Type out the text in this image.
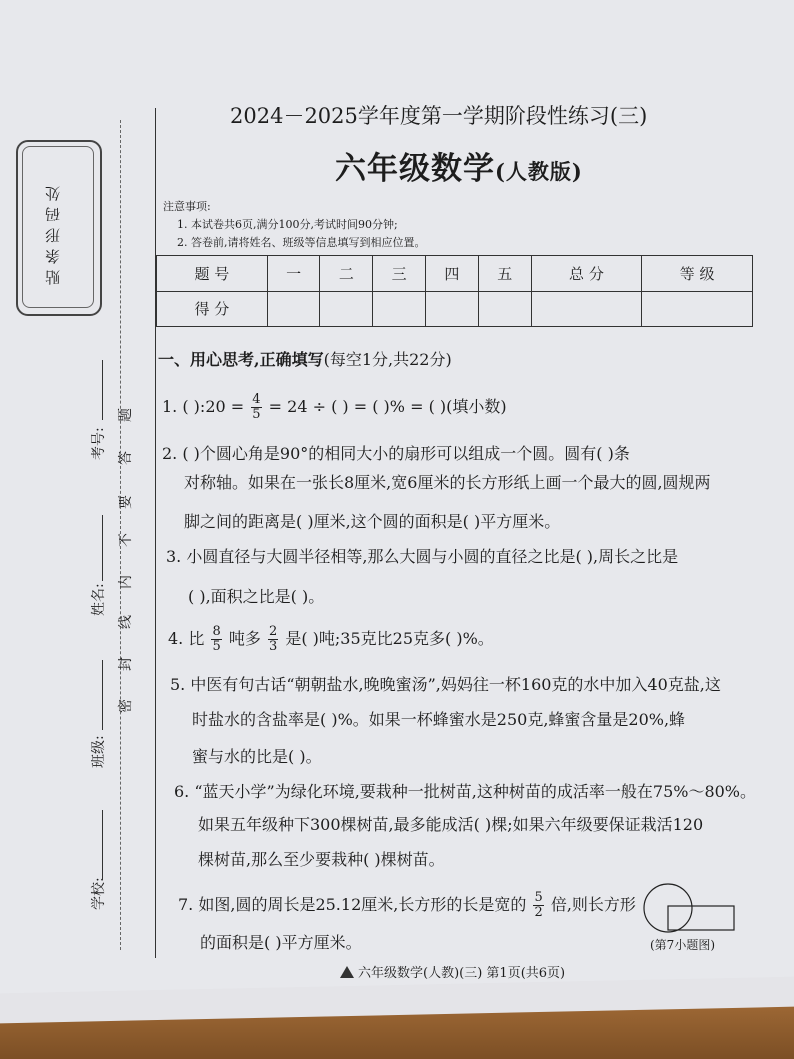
贴条形码处
题
答
要
不
内
线
封
密
考号:
姓名:
班级:
学校:
2024－2025学年度第一学期阶段性练习(三)
六年级数学(人教版)
注意事项:
1. 本试卷共6页,满分100分,考试时间90分钟;
2. 答卷前,请将姓名、班级等信息填写到相应位置。
题 号	一	二	三	四	五	总 分	等 级
得 分							
一、用心思考,正确填写(每空1分,共22分)
1. ( ):20 = $\frac{4}{5} = 24$ ÷ ( ) = ( )% = ( )(填小数)
2. ( )个圆心角是90°的相同大小的扇形可以组成一个圆。圆有( )条
对称轴。如果在一张长8厘米,宽6厘米的长方形纸上画一个最大的圆,圆规两
脚之间的距离是( )厘米,这个圆的面积是( )平方厘米。
3. 小圆直径与大圆半径相等,那么大圆与小圆的直径之比是( ),周长之比是
( ),面积之比是( )。
4. 比 $\frac{8}{5}$ 吨多 $\frac{2}{3}$ 是( )吨;35克比25克多( )%。
5. 中医有句古话“朝朝盐水,晚晚蜜汤”,妈妈往一杯160克的水中加入40克盐,这
时盐水的含盐率是( )%。如果一杯蜂蜜水是250克,蜂蜜含量是20%,蜂
蜜与水的比是( )。
6. “蓝天小学”为绿化环境,要栽种一批树苗,这种树苗的成活率一般在75%～80%。
如果五年级种下300棵树苗,最多能成活( )棵;如果六年级要保证栽活120
棵树苗,那么至少要栽种( )棵树苗。
7. 如图,圆的周长是25.12厘米,长方形的长是宽的 $\frac{5}{2}$ 倍,则长方形
的面积是( )平方厘米。	(第7小题图)
六年级数学(人教)(三) 第1页(共6页)
